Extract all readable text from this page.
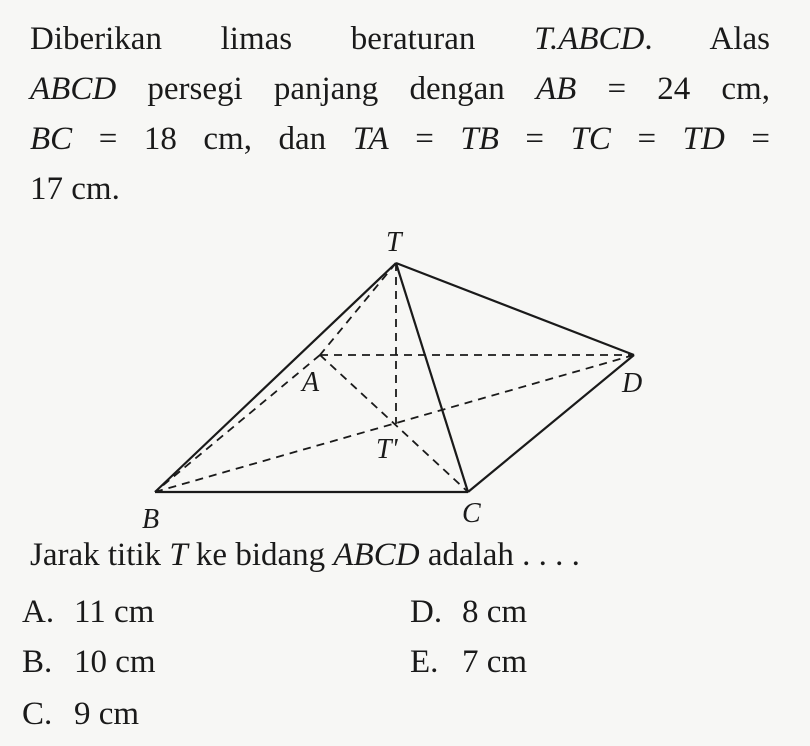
Diberikan limas beraturan T.ABCD. Alas
ABCD persegi panjang dengan AB = 24 cm,
BC = 18 cm, dan TA = TB = TC = TD =
17 cm.
T
A	D
T'
B	C
Jarak titik T ke bidang ABCD adalah . . . .
A. 11 cm
B. 10 cm
C. 9 cm
D. 8 cm
E. 7 cm
